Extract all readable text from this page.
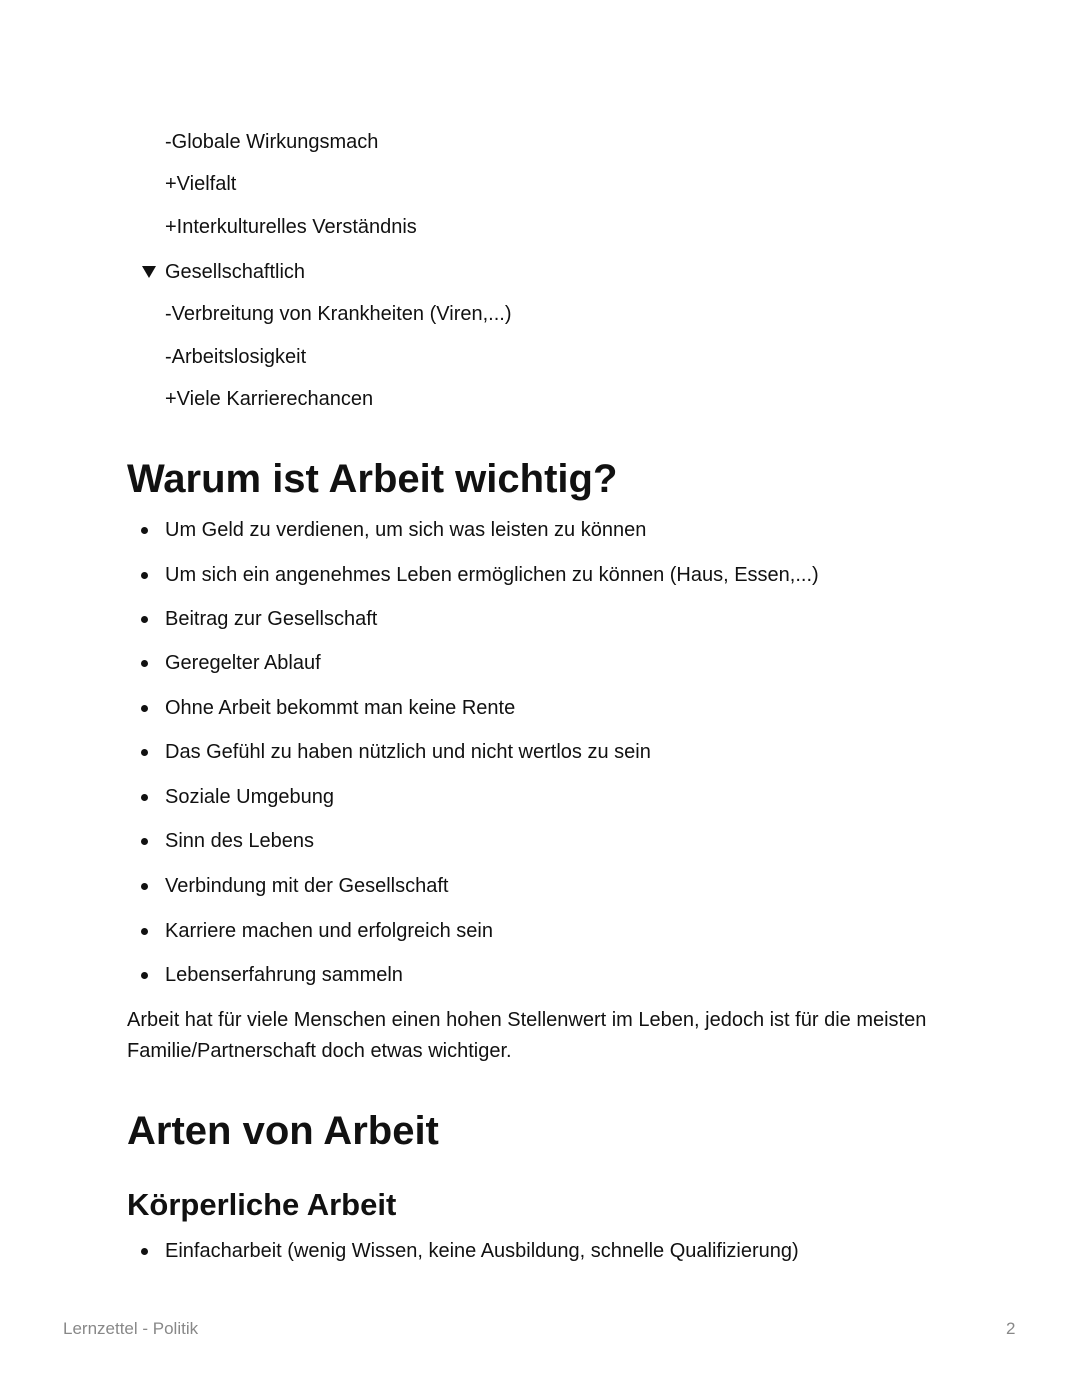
-Globale Wirkungsmach
+Vielfalt
+Interkulturelles Verständnis
Gesellschaftlich
-Verbreitung von Krankheiten (Viren,...)
-Arbeitslosigkeit
+Viele Karrierechancen
Warum ist Arbeit wichtig?
Um Geld zu verdienen, um sich was leisten zu können
Um sich ein angenehmes Leben ermöglichen zu können (Haus, Essen,...)
Beitrag zur Gesellschaft
Geregelter Ablauf
Ohne Arbeit bekommt man keine Rente
Das Gefühl zu haben nützlich und nicht wertlos zu sein
Soziale Umgebung
Sinn des Lebens
Verbindung mit der Gesellschaft
Karriere machen und erfolgreich sein
Lebenserfahrung sammeln
Arbeit hat für viele Menschen einen hohen Stellenwert im Leben, jedoch ist für die meisten Familie/Partnerschaft doch etwas wichtiger.
Arten von Arbeit
Körperliche Arbeit
Einfacharbeit (wenig Wissen, keine Ausbildung, schnelle Qualifizierung)
Lernzettel - Politik	2
